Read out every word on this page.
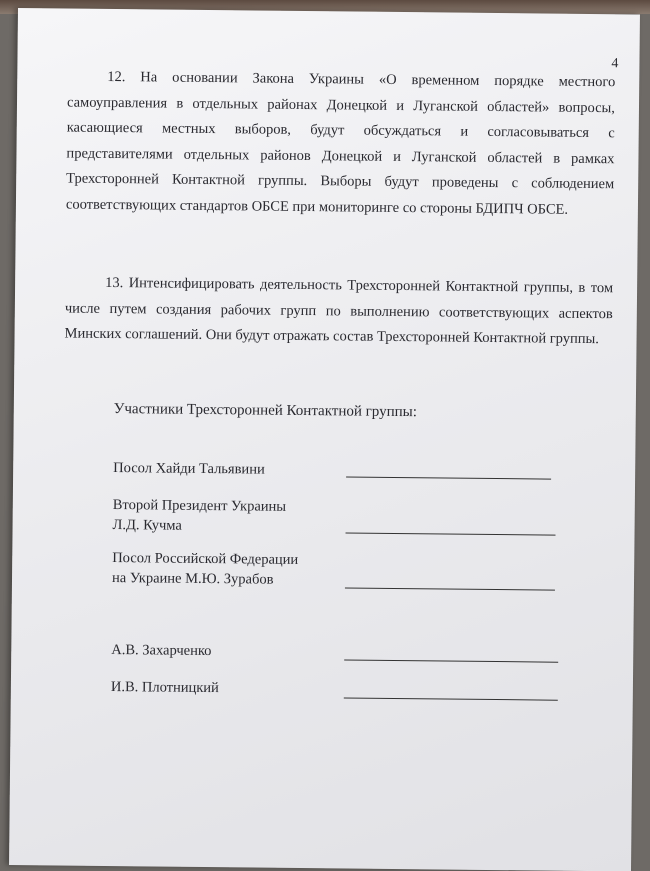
4

12. На основании Закона Украины «О временном порядке местного самоуправления в отдельных районах Донецкой и Луганской областей» вопросы, касающиеся местных выборов, будут обсуждаться и согласовываться с представителями отдельных районов Донецкой и Луганской областей в рамках Трехсторонней Контактной группы. Выборы будут проведены с соблюдением соответствующих стандартов ОБСЕ при мониторинге со стороны БДИПЧ ОБСЕ.

13. Интенсифицировать деятельность Трехсторонней Контактной группы, в том числе путем создания рабочих групп по выполнению соответствующих аспектов Минских соглашений. Они будут отражать состав Трехсторонней Контактной группы.

Участники Трехсторонней Контактной группы:
Посол Хайди Тальявини
Второй Президент Украины
Л.Д. Кучма
Посол Российской Федерации
на Украине М.Ю. Зурабов
А.В. Захарченко
И.В. Плотницкий
